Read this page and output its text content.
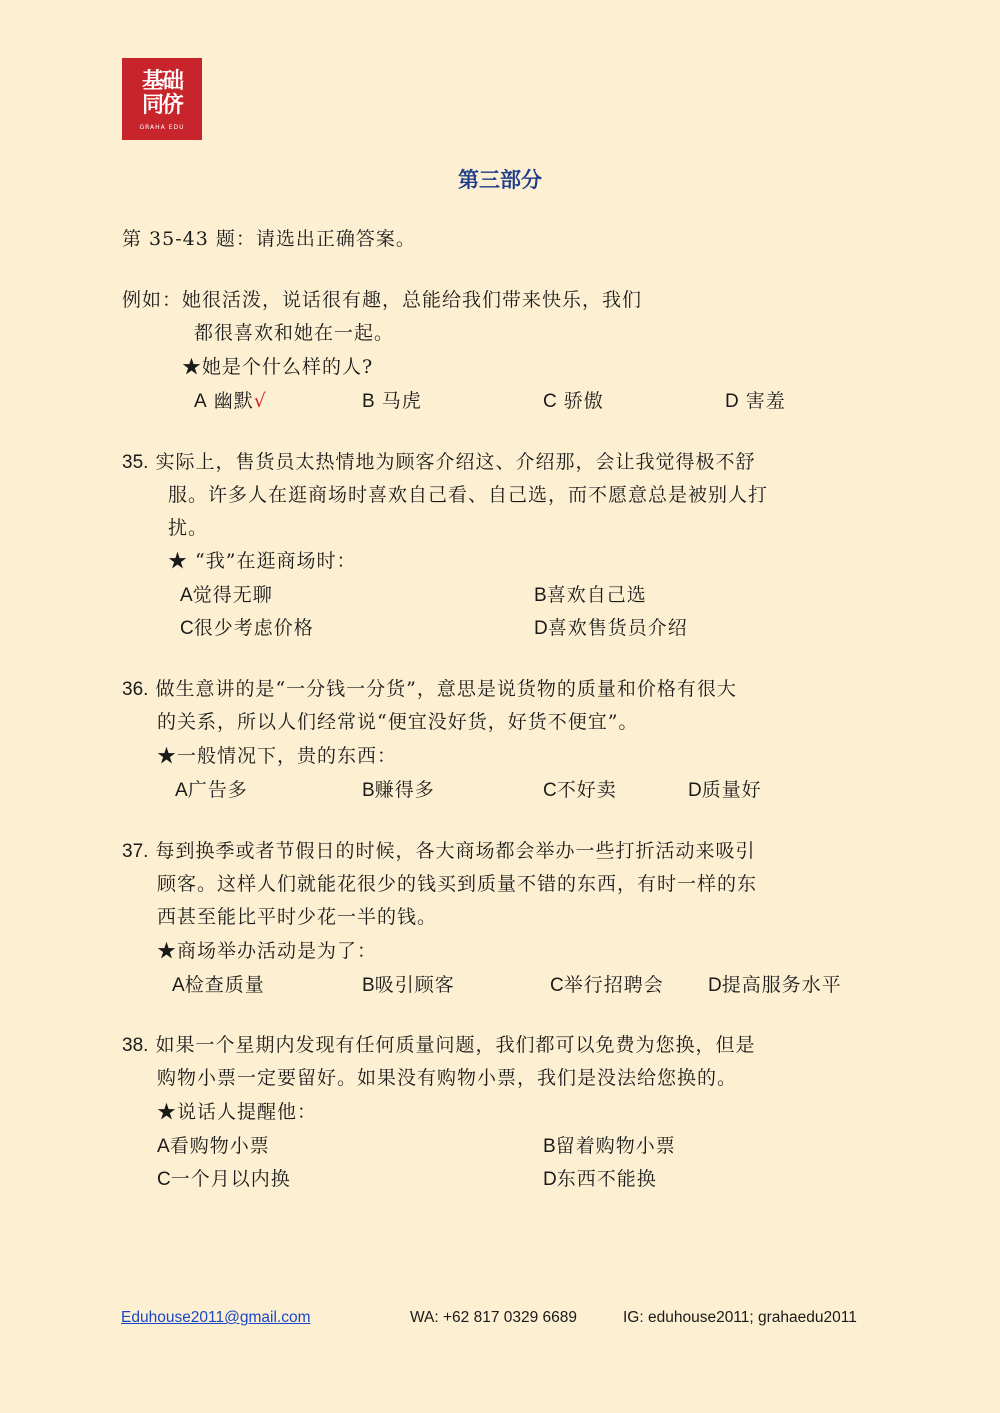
基础
同侪
GRAHA EDU
第三部分
第 35-43 题：请选出正确答案。
例如：她很活泼，说话很有趣，总能给我们带来快乐，我们
都很喜欢和她在一起。
★她是个什么样的人?
A 幽默√	B 马虎	C 骄傲	D 害羞
35. 实际上，售货员太热情地为顾客介绍这、介绍那，会让我觉得极不舒
服。许多人在逛商场时喜欢自己看、自己选，而不愿意总是被别人打
扰。
★ “我”在逛商场时：
A觉得无聊	B喜欢自己选
C很少考虑价格	D喜欢售货员介绍
36. 做生意讲的是“一分钱一分货”，意思是说货物的质量和价格有很大
的关系，所以人们经常说“便宜没好货，好货不便宜”。
★一般情况下，贵的东西：
A广告多	B赚得多	C不好卖	D质量好
37. 每到换季或者节假日的时候，各大商场都会举办一些打折活动来吸引
顾客。这样人们就能花很少的钱买到质量不错的东西，有时一样的东
西甚至能比平时少花一半的钱。
★商场举办活动是为了：
A检查质量	B吸引顾客	C举行招聘会 D提高服务水平
38. 如果一个星期内发现有任何质量问题，我们都可以免费为您换，但是
购物小票一定要留好。如果没有购物小票，我们是没法给您换的。
★说话人提醒他：
A看购物小票	B留着购物小票
C一个月以内换	D东西不能换
Eduhouse2011@gmail.com	WA: +62 817 0329 6689	IG: eduhouse2011; grahaedu2011
